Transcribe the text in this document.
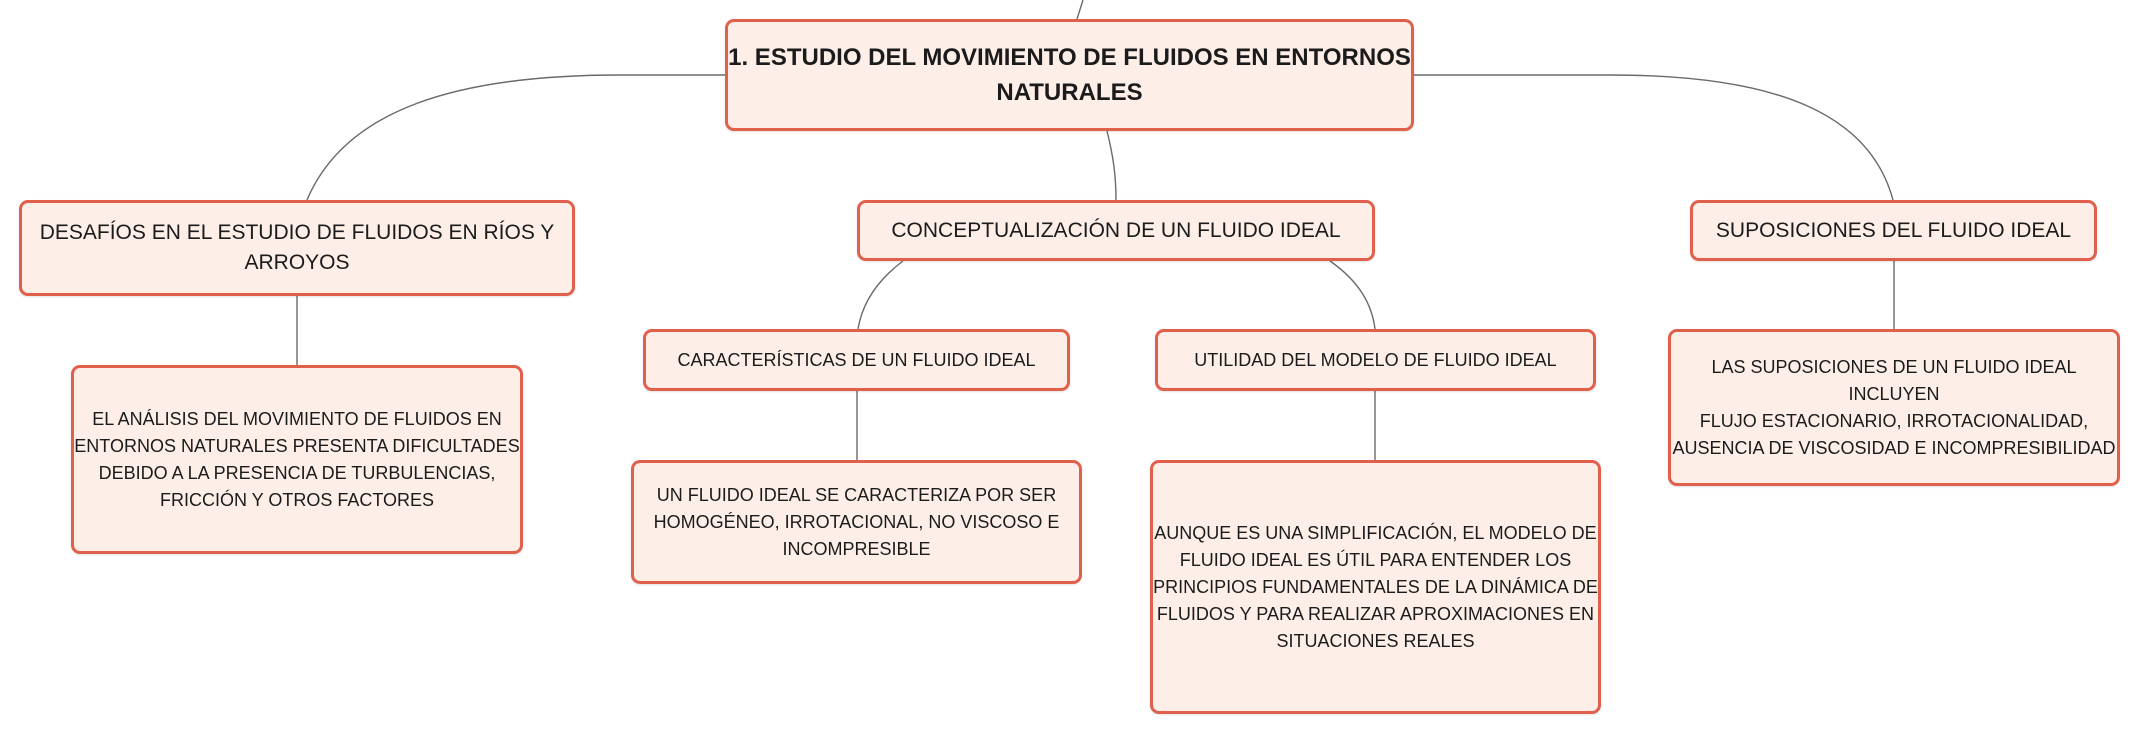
1. ESTUDIO DEL MOVIMIENTO DE FLUIDOS EN ENTORNOS
NATURALES
DESAFÍOS EN EL ESTUDIO DE FLUIDOS EN RÍOS Y
ARROYOS
CONCEPTUALIZACIÓN DE UN FLUIDO IDEAL	SUPOSICIONES DEL FLUIDO IDEAL
CARACTERÍSTICAS DE UN FLUIDO IDEAL	UTILIDAD DEL MODELO DE FLUIDO IDEAL
EL ANÁLISIS DEL MOVIMIENTO DE FLUIDOS EN
ENTORNOS NATURALES PRESENTA DIFICULTADES
DEBIDO A LA PRESENCIA DE TURBULENCIAS,
FRICCIÓN Y OTROS FACTORES	UN FLUIDO IDEAL SE CARACTERIZA POR SER
HOMOGÉNEO, IRROTACIONAL, NO VISCOSO E
INCOMPRESIBLE
AUNQUE ES UNA SIMPLIFICACIÓN, EL MODELO DE
FLUIDO IDEAL ES ÚTIL PARA ENTENDER LOS
PRINCIPIOS FUNDAMENTALES DE LA DINÁMICA DE
FLUIDOS Y PARA REALIZAR APROXIMACIONES EN
SITUACIONES REALES
LAS SUPOSICIONES DE UN FLUIDO IDEAL INCLUYEN
FLUJO ESTACIONARIO, IRROTACIONALIDAD,
AUSENCIA DE VISCOSIDAD E INCOMPRESIBILIDAD
